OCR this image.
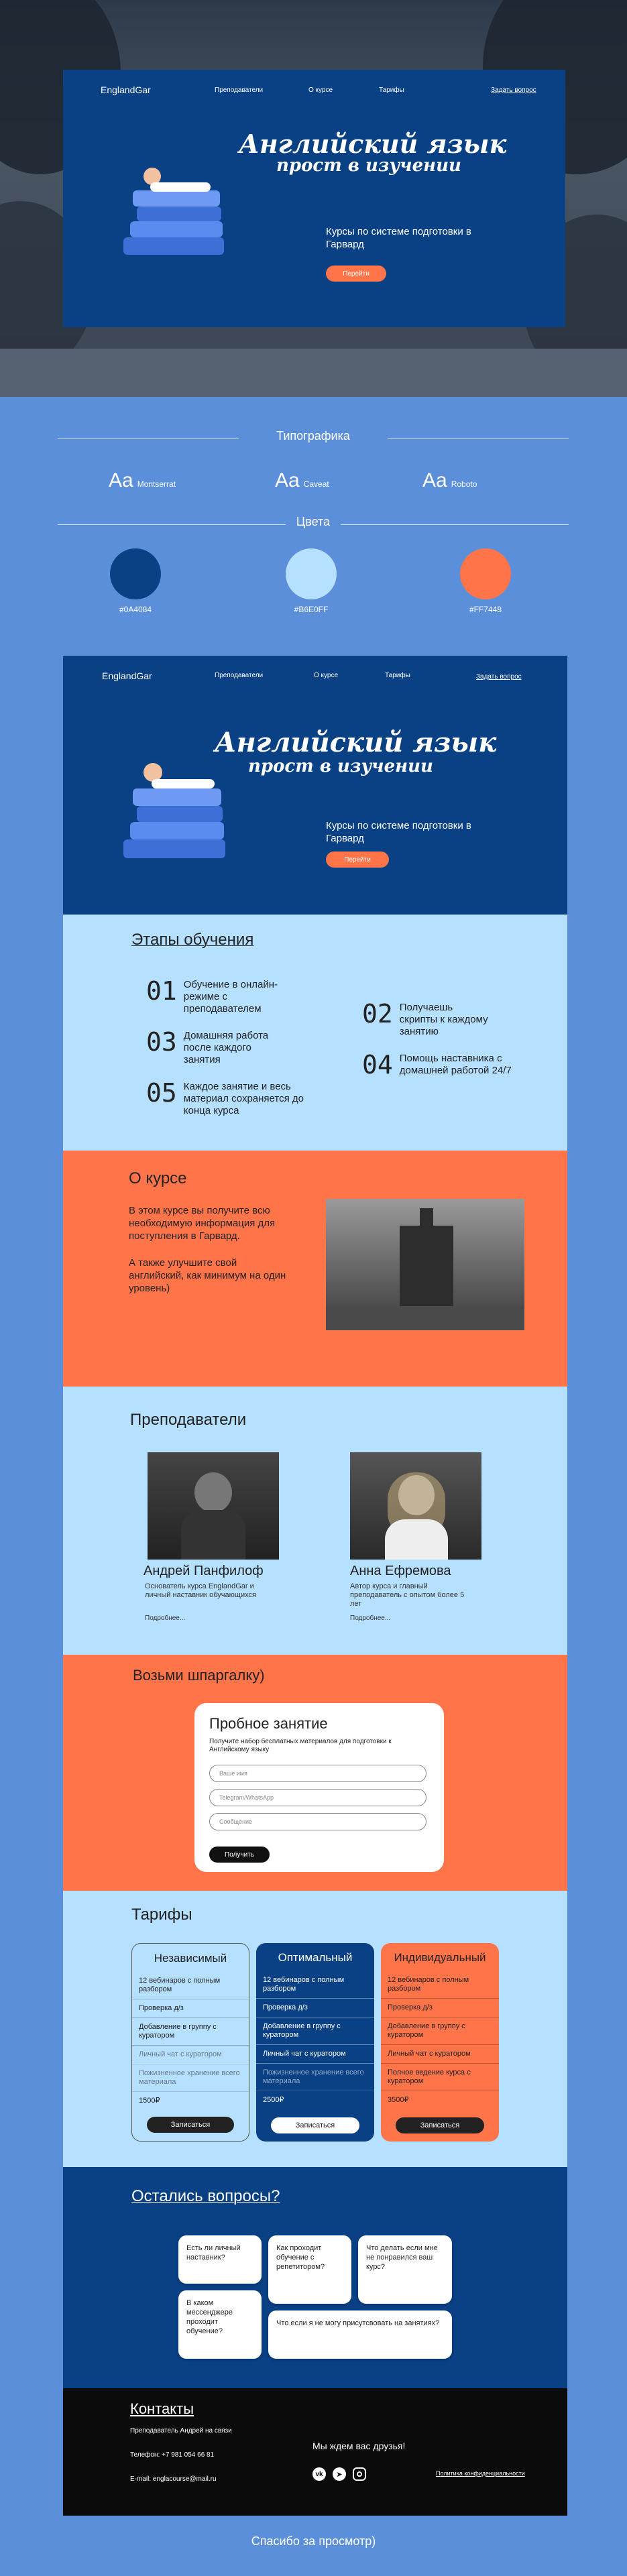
EnglandGar	Преподаватели	О курсе	Тарифы	Задать вопрос
Английский язык
прост в изучении
Курсы по системе подготовки в Гарвард
Перейти
Типографика
Aa Montserrat	Aa Caveat	Aa Roboto
Цвета
#0A4084	#B6E0FF	#FF7448
EnglandGar	Преподаватели	О курсе	Тарифы	Задать вопрос
Английский язык
прост в изучении
Курсы по системе подготовки в Гарвард
Перейти
Этапы обучения
01 Обучение в онлайн-режиме с преподавателем	02 Получаешь скрипты к каждому занятию
03 Домашняя работа после каждого занятия	04 Помощь наставника с домашней работой 24/7
05 Каждое занятие и весь материал сохраняется до конца курса
О курсе
В этом курсе вы получите всю необходимую информация для поступления в Гарвард.
А также улучшите свой английский, как минимум на один уровень)
Преподаватели
Андрей Панфилоф
Основатель курса EnglandGar и личный наставник обучающихся
Подробнее...
Анна Ефремова
Автор курса и главный преподаватель с опытом более 5 лет
Подробнее...
Возьми шпаргалку)
Пробное занятие
Получите набор бесплатных материалов для подготовки к Английскому языку
Ваше имя
Telegram/WhatsApp
Сообщение
Получить
Тарифы
Независимый
12 вебинаров с полным разбором
Проверка д/з
Добавление в группу с куратором
Личный чат с куратором
Пожизненное хранение всего материала
1500₽
Записаться
Оптимальный
12 вебинаров с полным разбором
Проверка д/з
Добавление в группу с куратором
Личный чат с куратором
Пожизненное хранение всего материала
2500₽
Записаться
Индивидуальный
12 вебинаров с полным разбором
Проверка д/з
Добавление в группу с куратором
Личный чат с куратором
Полное ведение курса с куратором
3500₽
Записаться
Остались вопросы?
Есть ли личный наставник?
Как проходит обучение с репетитором?
Что делать если мне не понравился ваш курс?
В каком мессенджере проходит обучение?
Что если я не могу присутсвовать на занятиях?
Контакты
Преподаватель Андрей на связи
Телефон: +7 981 054 66 81
E-mail: englacourse@mail.ru
Мы ждем вас друзья!
vk	➤	Политика конфиденциальности
Спасибо за просмотр)
